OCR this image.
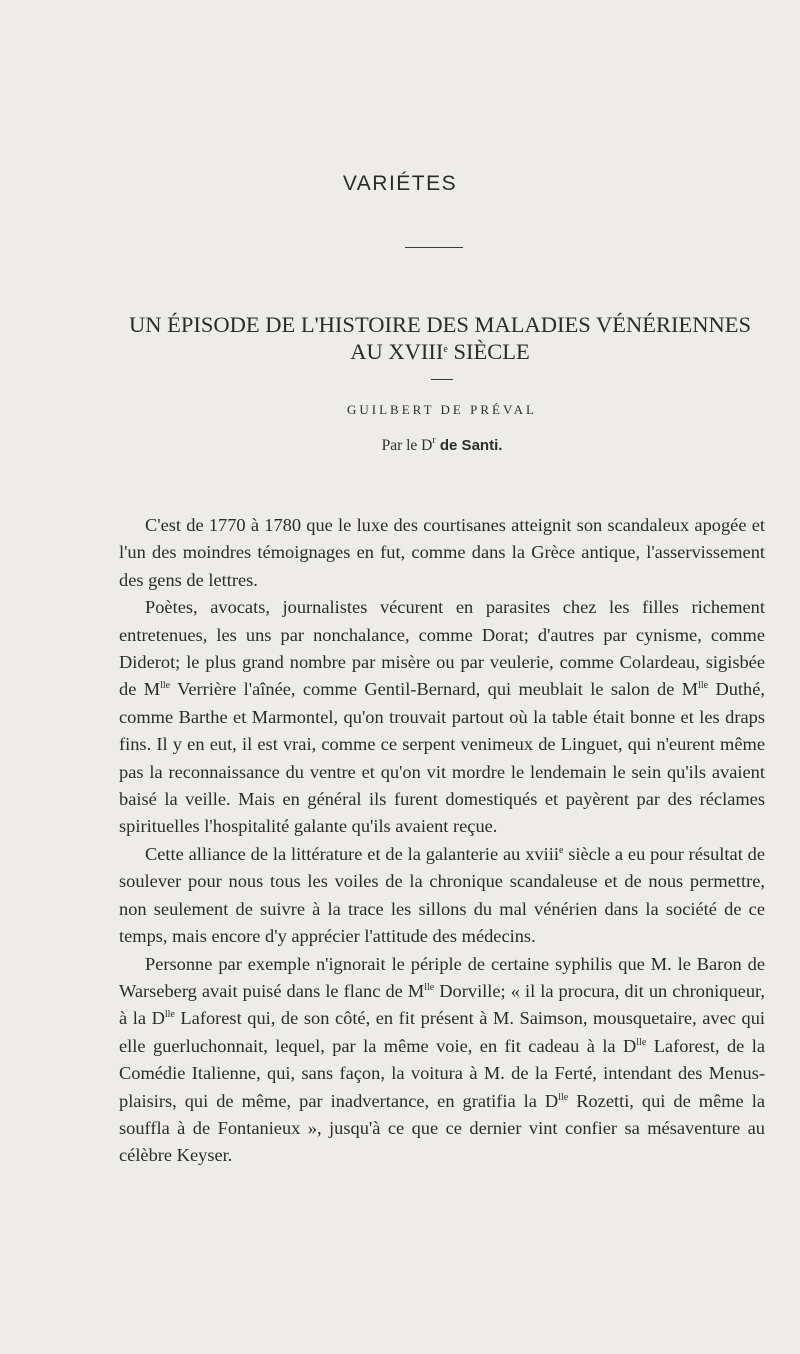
VARIÉTES
UN ÉPISODE DE L'HISTOIRE DES MALADIES VÉNÉRIENNES
AU XVIIIe SIÈCLE
GUILBERT DE PRÉVAL
Par le $D^r$ de Santi.

C'est de 1770 à 1780 que le luxe des courtisanes atteignit son scandaleux apogée et l'un des moindres témoignages en fut, comme dans la Grèce antique, l'asservissement des gens de lettres.

Poètes, avocats, journalistes vécurent en parasites chez les filles richement entretenues, les uns par nonchalance, comme Dorat; d'autres par cynisme, comme Diderot; le plus grand nombre par misère ou par veulerie, comme Colardeau, sigisbée de $M^{lle}$ Verrière l'aînée, comme Gentil-Bernard, qui meublait le salon de $M^{lle}$ Duthé, comme Barthe et Marmontel, qu'on trouvait partout où la table était bonne et les draps fins. Il y en eut, il est vrai, comme ce serpent venimeux de Linguet, qui n'eurent même pas la reconnaissance du ventre et qu'on vit mordre le lendemain le sein qu'ils avaient baisé la veille. Mais en général ils furent domestiqués et payèrent par des réclames spirituelles l'hospitalité galante qu'ils avaient reçue.

Cette alliance de la littérature et de la galanterie au xviii$^e$ siècle a eu pour résultat de soulever pour nous tous les voiles de la chronique scandaleuse et de nous permettre, non seulement de suivre à la trace les sillons du mal vénérien dans la société de ce temps, mais encore d'y apprécier l'attitude des médecins.

Personne par exemple n'ignorait le périple de certaine syphilis que M. le Baron de Warseberg avait puisé dans le flanc de $M^{lle}$ Dorville; « il la procura, dit un chroniqueur, à la $D^{lle}$ Laforest qui, de son côté, en fit présent à M. Saimson, mousquetaire, avec qui elle guerluchonnait, lequel, par la même voie, en fit cadeau à la $D^{lle}$ Laforest, de la Comédie Italienne, qui, sans façon, la voitura à M. de la Ferté, intendant des Menus-plaisirs, qui de même, par inadvertance, en gratifia la $D^{lle}$ Rozetti, qui de même la souffla à de Fontanieux », jusqu'à ce que ce dernier vint confier sa mésaventure au célèbre Keyser.
